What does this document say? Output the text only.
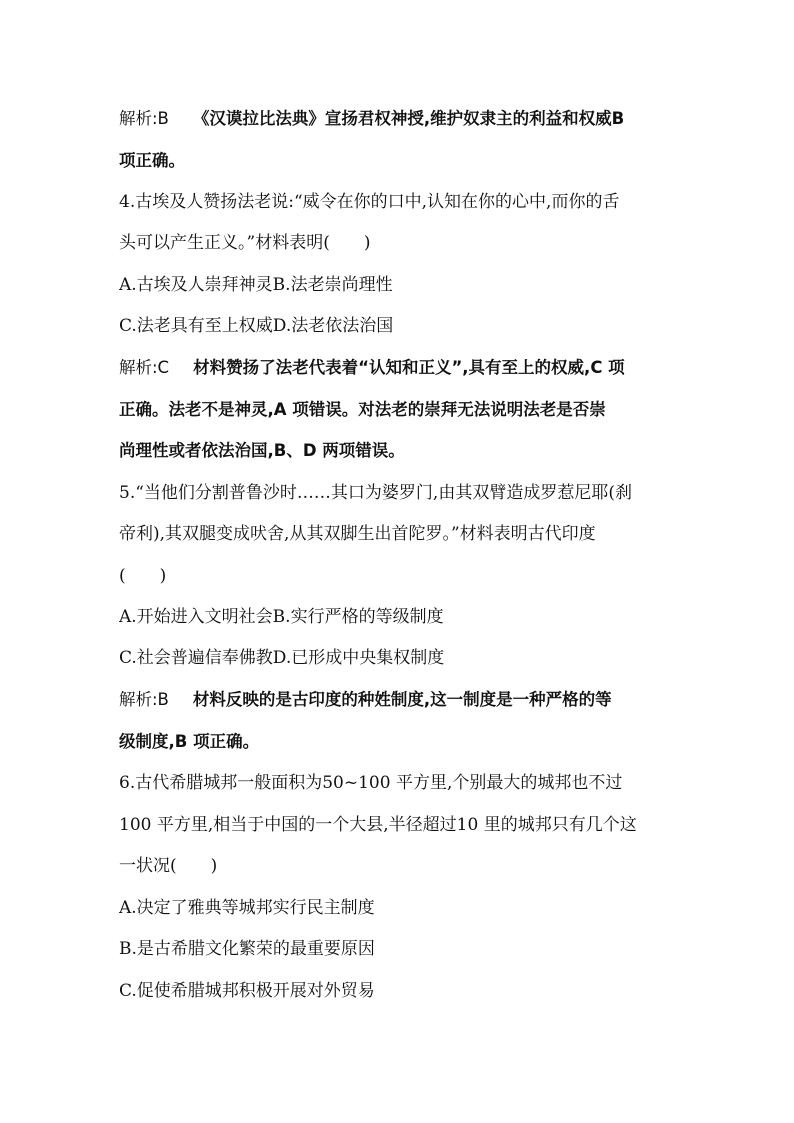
解析:B 《汉谟拉比法典》宣扬君权神授,维护奴隶主的利益和权威B
项正确。
4.古埃及人赞扬法老说:“威令在你的口中,认知在你的心中,而你的舌
头可以产生正义。”材料表明(　　)
A.古埃及人崇拜神灵B.法老崇尚理性
C.法老具有至上权威D.法老依法治国
解析:C 材料赞扬了法老代表着“认知和正义”,具有至上的权威,C 项
正确。法老不是神灵,A 项错误。对法老的崇拜无法说明法老是否崇
尚理性或者依法治国,B、D 两项错误。
5.“当他们分割普鲁沙时……其口为婆罗门,由其双臂造成罗惹尼耶(刹
帝利),其双腿变成吠舍,从其双脚生出首陀罗。”材料表明古代印度
(　　)
A.开始进入文明社会B.实行严格的等级制度
C.社会普遍信奉佛教D.已形成中央集权制度
解析:B 材料反映的是古印度的种姓制度,这一制度是一种严格的等
级制度,B 项正确。
6.古代希腊城邦一般面积为50~100 平方里,个别最大的城邦也不过
100 平方里,相当于中国的一个大县,半径超过10 里的城邦只有几个这
一状况(　　)
A.决定了雅典等城邦实行民主制度
B.是古希腊文化繁荣的最重要原因
C.促使希腊城邦积极开展对外贸易
